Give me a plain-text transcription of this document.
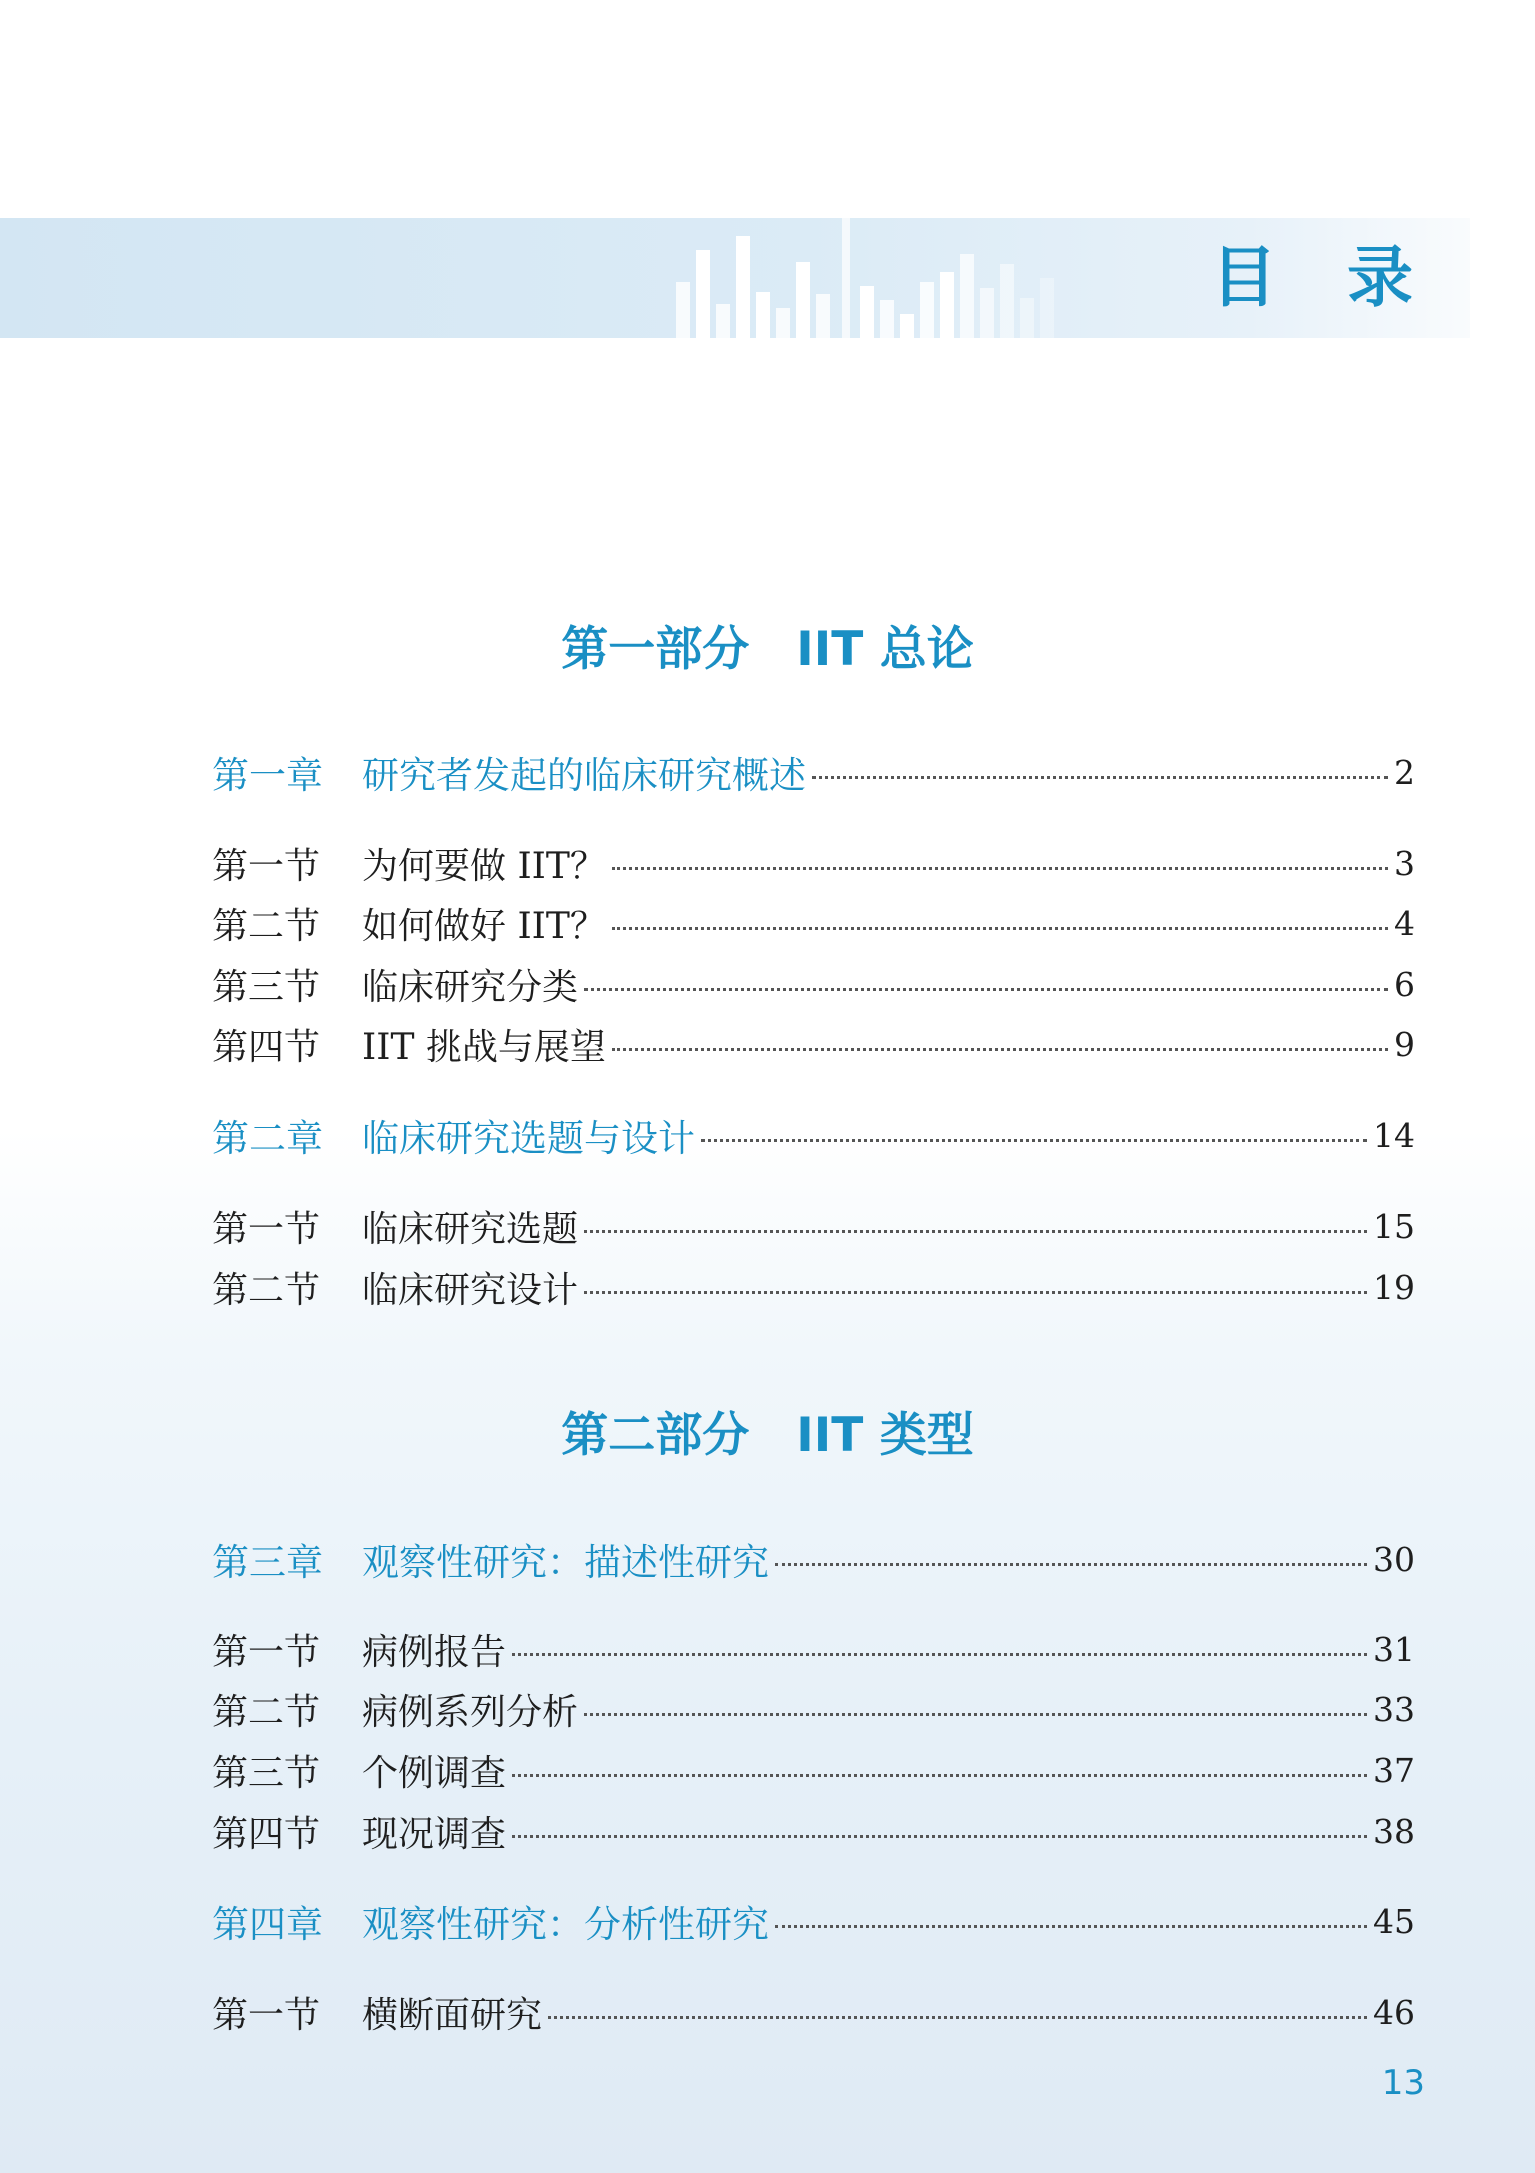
目　录
第一部分　IIT 总论
第一章	研究者发起的临床研究概述	2
第一节	为何要做 IIT？	3
第二节	如何做好 IIT？	4
第三节	临床研究分类	6
第四节	IIT 挑战与展望	9
第二章	临床研究选题与设计	14
第一节	临床研究选题	15
第二节	临床研究设计	19
第二部分　IIT 类型
第三章	观察性研究：描述性研究	30
第一节	病例报告	31
第二节	病例系列分析	33
第三节	个例调查	37
第四节	现况调查	38
第四章	观察性研究：分析性研究	45
第一节	横断面研究	46
13
